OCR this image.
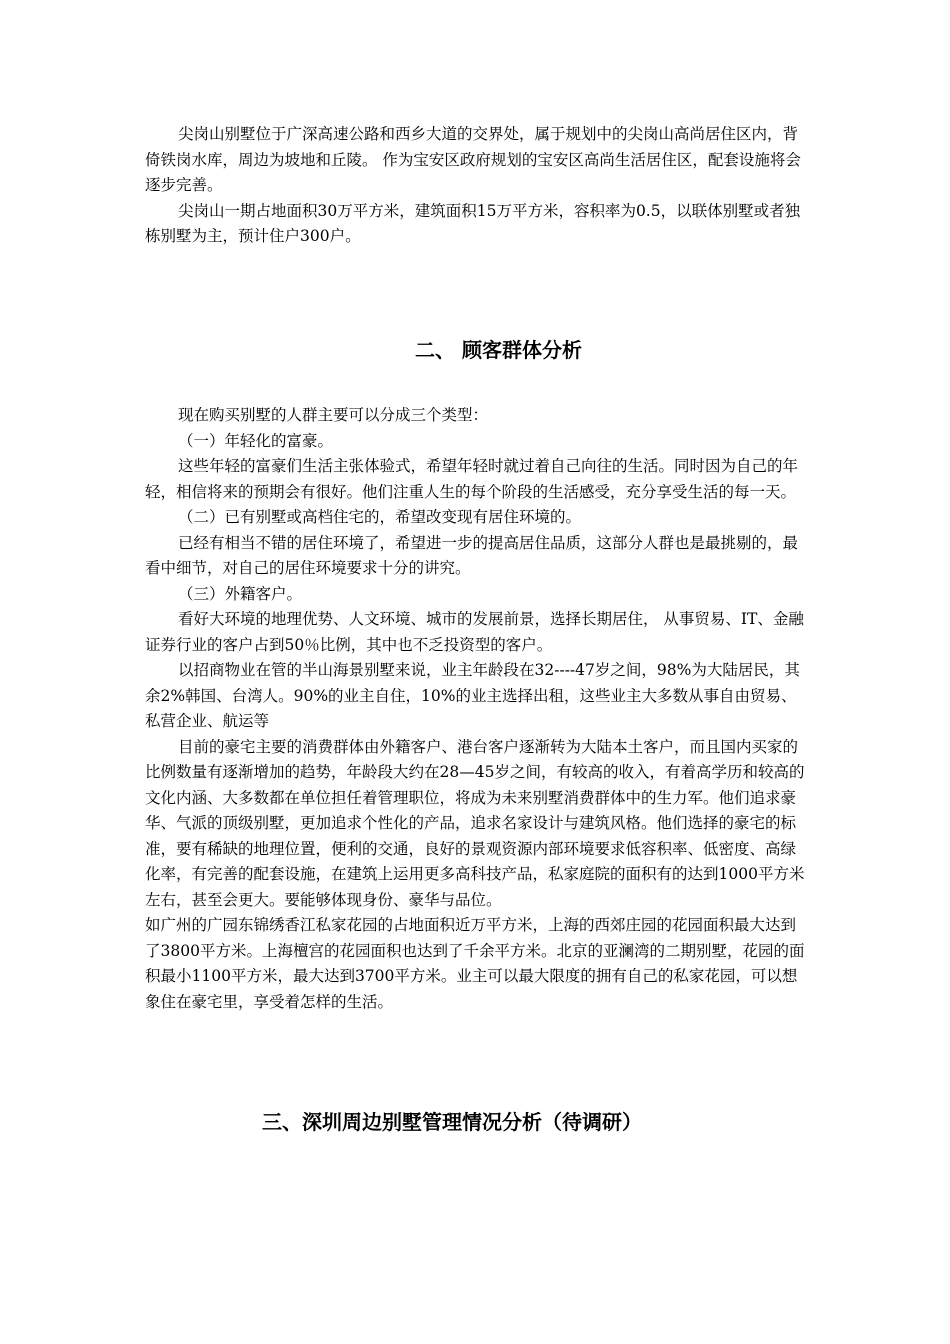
尖岗山别墅位于广深高速公路和西乡大道的交界处，属于规划中的尖岗山高尚居住区内，背倚铁岗水库，周边为坡地和丘陵。 作为宝安区政府规划的宝安区高尚生活居住区，配套设施将会逐步完善。

尖岗山一期占地面积30万平方米，建筑面积15万平方米，容积率为0.5，以联体别墅或者独栋别墅为主，预计住户300户。

二、 顾客群体分析

现在购买别墅的人群主要可以分成三个类型：

（一）年轻化的富豪。

这些年轻的富豪们生活主张体验式，希望年轻时就过着自己向往的生活。同时因为自己的年轻，相信将来的预期会有很好。他们注重人生的每个阶段的生活感受，充分享受生活的每一天。

（二）已有别墅或高档住宅的，希望改变现有居住环境的。

已经有相当不错的居住环境了，希望进一步的提高居住品质，这部分人群也是最挑剔的，最看中细节，对自己的居住环境要求十分的讲究。

（三）外籍客户。

看好大环境的地理优势、人文环境、城市的发展前景，选择长期居住， 从事贸易、IT、金融证券行业的客户占到50％比例，其中也不乏投资型的客户。

以招商物业在管的半山海景别墅来说，业主年龄段在32----47岁之间，98%为大陆居民，其余2%韩国、台湾人。90%的业主自住，10%的业主选择出租，这些业主大多数从事自由贸易、私营企业、航运等

目前的豪宅主要的消费群体由外籍客户、港台客户逐渐转为大陆本土客户，而且国内买家的比例数量有逐渐增加的趋势，年龄段大约在28—45岁之间，有较高的收入，有着高学历和较高的文化内涵、大多数都在单位担任着管理职位，将成为未来别墅消费群体中的生力军。他们追求豪华、气派的顶级别墅，更加追求个性化的产品，追求名家设计与建筑风格。他们选择的豪宅的标准，要有稀缺的地理位置，便利的交通，良好的景观资源内部环境要求低容积率、低密度、高绿化率，有完善的配套设施，在建筑上运用更多高科技产品，私家庭院的面积有的达到1000平方米左右，甚至会更大。要能够体现身份、豪华与品位。

如广州的广园东锦绣香江私家花园的占地面积近万平方米，上海的西郊庄园的花园面积最大达到了3800平方米。上海檀宫的花园面积也达到了千余平方米。北京的亚澜湾的二期别墅，花园的面积最小1100平方米，最大达到3700平方米。业主可以最大限度的拥有自己的私家花园，可以想象住在豪宅里，享受着怎样的生活。

三、深圳周边别墅管理情况分析（待调研）
